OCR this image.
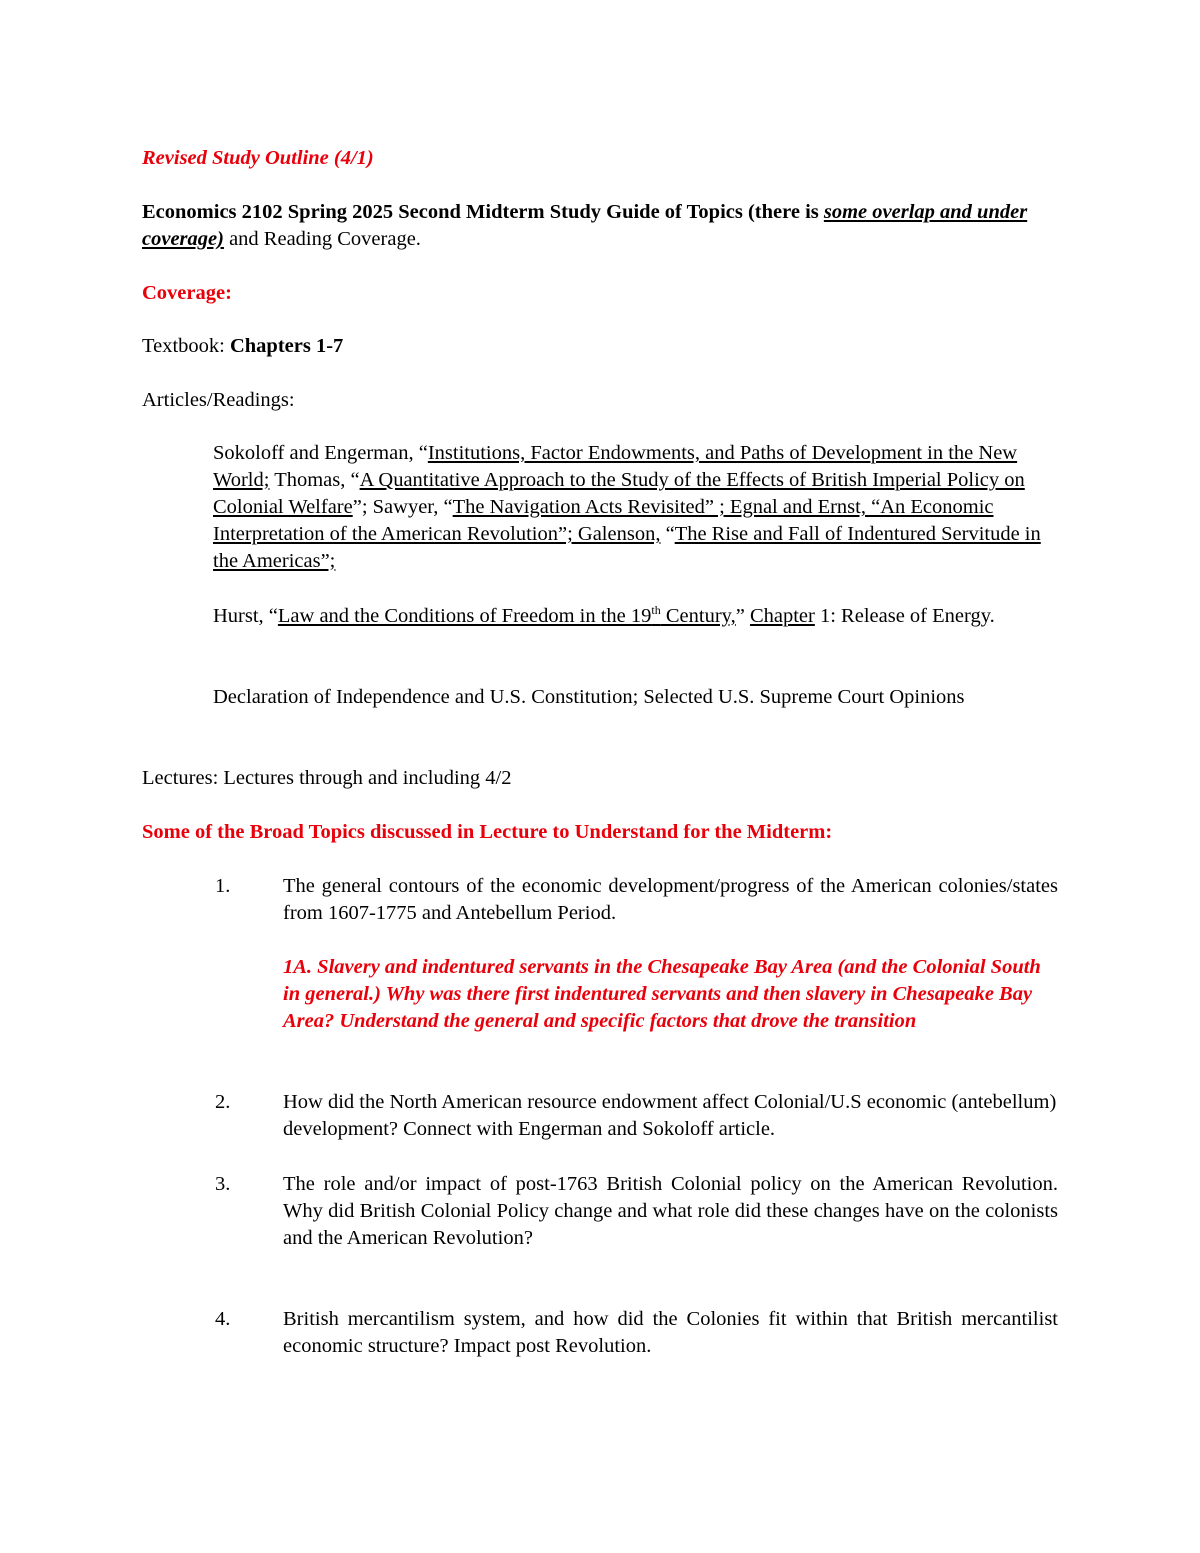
Revised Study Outline (4/1)
Economics 2102 Spring 2025 Second Midterm Study Guide of Topics (there is some overlap and under coverage) and Reading Coverage.
Coverage:
Textbook: Chapters 1-7
Articles/Readings:
Sokoloff and Engerman, “Institutions, Factor Endowments, and Paths of Development in the New World; Thomas, “A Quantitative Approach to the Study of the Effects of British Imperial Policy on Colonial Welfare”; Sawyer, “The Navigation Acts Revisited” ; Egnal and Ernst, “An Economic Interpretation of the American Revolution”; Galenson, “The Rise and Fall of Indentured Servitude in the Americas”;
Hurst, “Law and the Conditions of Freedom in the 19th Century,” Chapter 1: Release of Energy.
Declaration of Independence and U.S. Constitution; Selected U.S. Supreme Court Opinions
Lectures: Lectures through and including 4/2
Some of the Broad Topics discussed in Lecture to Understand for the Midterm:
1.	The general contours of the economic development/progress of the American colonies/states from 1607-1775 and Antebellum Period.
1A. Slavery and indentured servants in the Chesapeake Bay Area (and the Colonial South in general.) Why was there first indentured servants and then slavery in Chesapeake Bay Area? Understand the general and specific factors that drove the transition
2.	How did the North American resource endowment affect Colonial/U.S economic (antebellum) development? Connect with Engerman and Sokoloff article.
3.	The role and/or impact of post-1763 British Colonial policy on the American Revolution. Why did British Colonial Policy change and what role did these changes have on the colonists and the American Revolution?
4.	British mercantilism system, and how did the Colonies fit within that British mercantilist economic structure? Impact post Revolution.
